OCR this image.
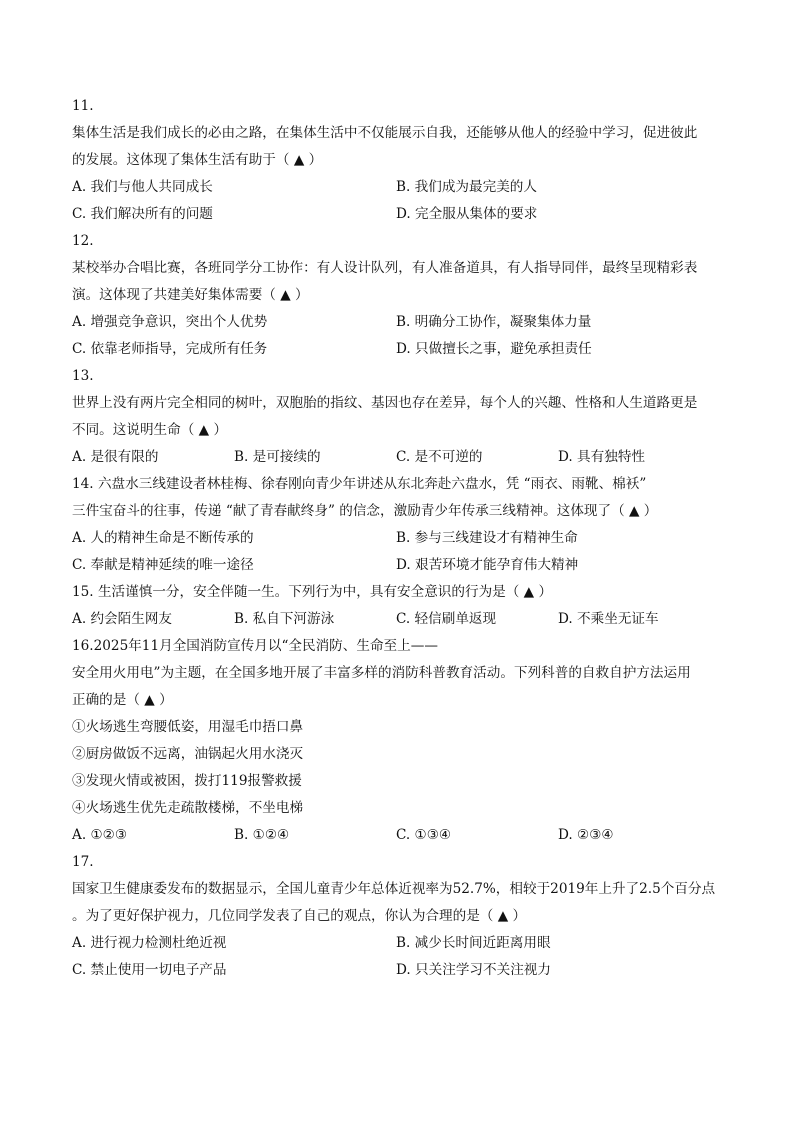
11.
集体生活是我们成长的必由之路，在集体生活中不仅能展示自我，还能够从他人的经验中学习，促进彼此
的发展。这体现了集体生活有助于（ ▲ ）
A. 我们与他人共同成长	B. 我们成为最完美的人
C. 我们解决所有的问题	D. 完全服从集体的要求
12.
某校举办合唱比赛，各班同学分工协作：有人设计队列，有人准备道具，有人指导同伴，最终呈现精彩表
演。这体现了共建美好集体需要（ ▲ ）
A. 增强竞争意识，突出个人优势	B. 明确分工协作，凝聚集体力量
C. 依靠老师指导，完成所有任务	D. 只做擅长之事，避免承担责任
13.
世界上没有两片完全相同的树叶，双胞胎的指纹、基因也存在差异，每个人的兴趣、性格和人生道路更是
不同。这说明生命（ ▲ ）
A. 是很有限的	B. 是可接续的	C. 是不可逆的	D. 具有独特性
14. 六盘水三线建设者林桂梅、徐春刚向青少年讲述从东北奔赴六盘水，凭 “雨衣、雨靴、棉袄”
三件宝奋斗的往事，传递 “献了青春献终身” 的信念，激励青少年传承三线精神。这体现了（ ▲ ）
A. 人的精神生命是不断传承的	B. 参与三线建设才有精神生命
C. 奉献是精神延续的唯一途径	D. 艰苦环境才能孕育伟大精神
15. 生活谨慎一分，安全伴随一生。下列行为中，具有安全意识的行为是（ ▲ ）
A. 约会陌生网友	B. 私自下河游泳	C. 轻信刷单返现	D. 不乘坐无证车
16.2025年11月全国消防宣传月以“全民消防、生命至上——
安全用火用电”为主题，在全国多地开展了丰富多样的消防科普教育活动。下列科普的自救自护方法运用
正确的是（ ▲ ）
①火场逃生弯腰低姿，用湿毛巾捂口鼻
②厨房做饭不远离，油锅起火用水浇灭
③发现火情或被困，拨打119报警救援
④火场逃生优先走疏散楼梯，不坐电梯
A. ①②③	B. ①②④	C. ①③④	D. ②③④
17.
国家卫生健康委发布的数据显示，全国儿童青少年总体近视率为52.7%，相较于2019年上升了2.5个百分点
。为了更好保护视力，几位同学发表了自己的观点，你认为合理的是（ ▲ ）
A. 进行视力检测杜绝近视	B. 减少长时间近距离用眼
C. 禁止使用一切电子产品	D. 只关注学习不关注视力
